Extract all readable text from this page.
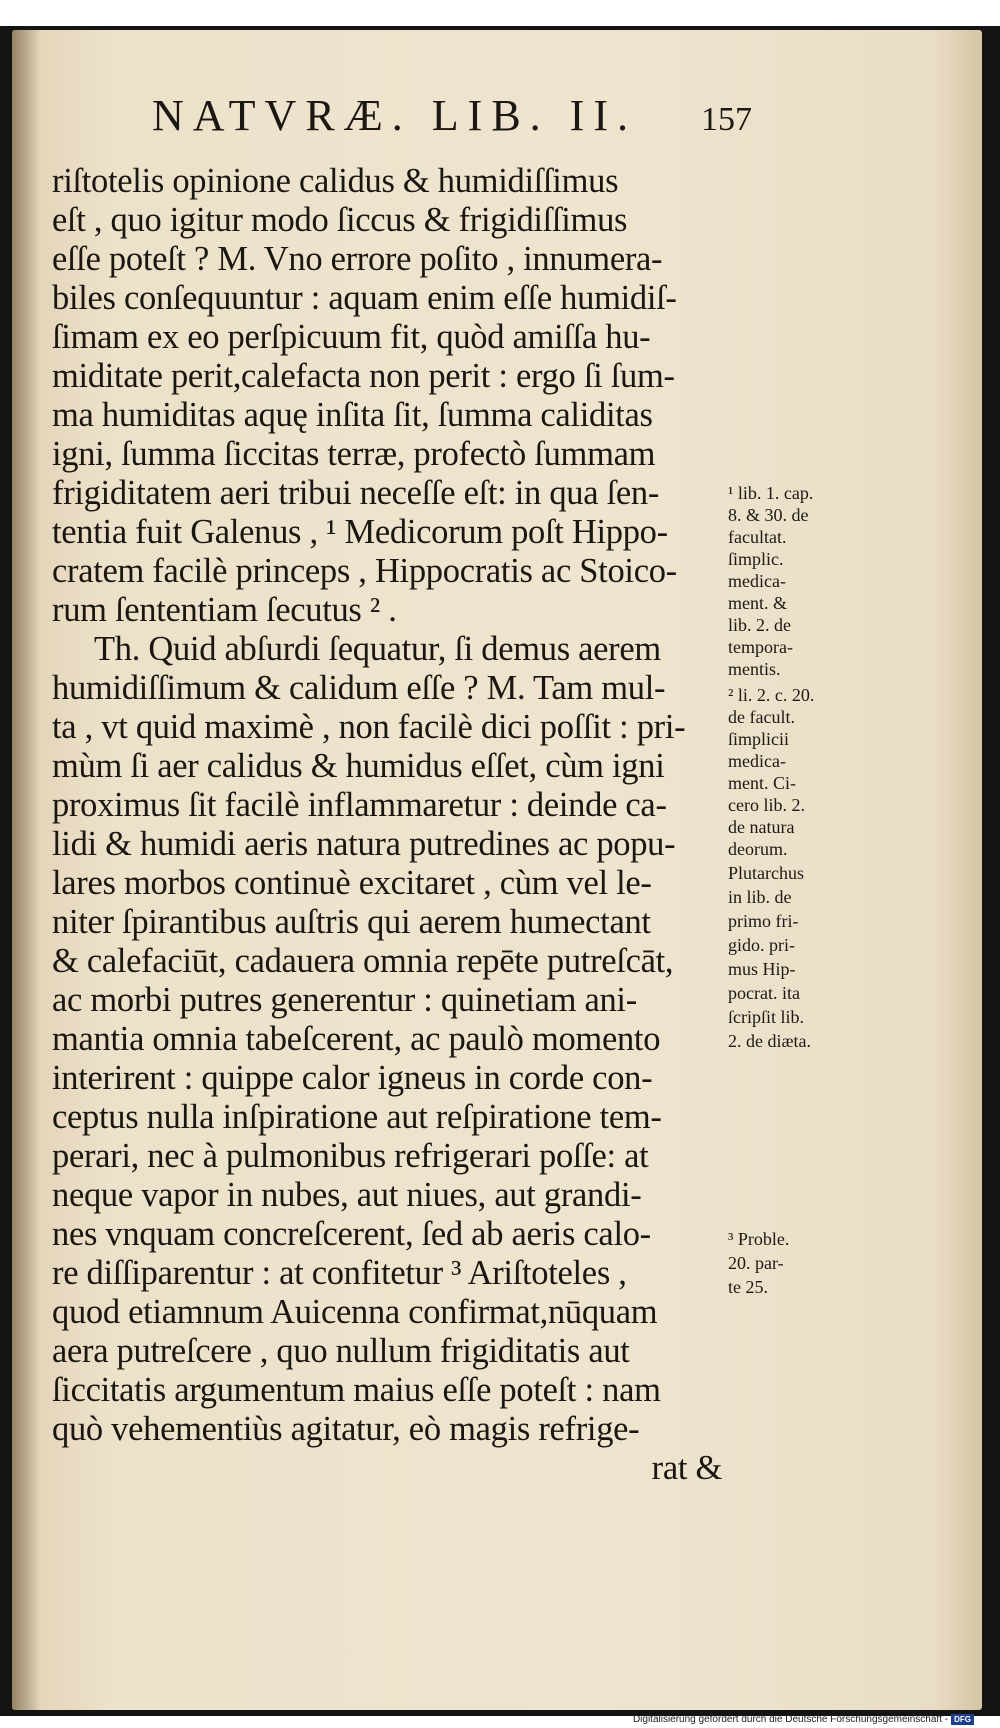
NATVRÆ. LIB. II. 157
riſtotelis opinione calidus & humidiſſimus
eſt , quo igitur modo ſiccus & frigidiſſimus
eſſe poteſt ? M. Vno errore poſito , innumera-
biles conſequuntur : aquam enim eſſe humidiſ-
ſimam ex eo perſpicuum fit, quòd amiſſa hu-
miditate perit,calefacta non perit : ergo ſi ſum-
ma humiditas aquę inſita ſit, ſumma caliditas
igni, ſumma ſiccitas terræ, profectò ſummam
frigiditatem aeri tribui neceſſe eſt: in qua ſen-
tentia fuit Galenus , ¹ Medicorum poſt Hippo-
cratem facilè princeps , Hippocratis ac Stoico-
rum ſententiam ſecutus ² .
Th. Quid abſurdi ſequatur, ſi demus aerem
humidiſſimum & calidum eſſe ? M. Tam mul-
ta , vt quid maximè , non facilè dici poſſit : pri-
mùm ſi aer calidus & humidus eſſet, cùm igni
proximus ſit facilè inflammaretur : deinde ca-
lidi & humidi aeris natura putredines ac popu-
lares morbos continuè excitaret , cùm vel le-
niter ſpirantibus auſtris qui aerem humectant
& calefaciūt, cadauera omnia repēte putreſcāt,
ac morbi putres generentur : quinetiam ani-
mantia omnia tabeſcerent, ac paulò momento
interirent : quippe calor igneus in corde con-
ceptus nulla inſpiratione aut reſpiratione tem-
perari, nec à pulmonibus refrigerari poſſe: at
neque vapor in nubes, aut niues, aut grandi-
nes vnquam concreſcerent, ſed ab aeris calo-
re diſſiparentur : at confitetur ³ Ariſtoteles ,
quod etiamnum Auicenna confirmat,nūquam
aera putreſcere , quo nullum frigiditatis aut
ſiccitatis argumentum maius eſſe poteſt : nam
quò vehementiùs agitatur, eò magis refrige-
rat &
¹ lib. 1. cap.
8. & 30. de
facultat.
ſimplic.
medica-
ment. &
lib. 2. de
tempora-
mentis.
² li. 2. c. 20.
de facult.
ſimplicii
medica-
ment. Ci-
cero lib. 2.
de natura
deorum.
Plutarchus
in lib. de
primo fri-
gido. pri-
mus Hip-
pocrat. ita
ſcripſit lib.
2. de diæta.
³ Proble.
20. par-
te 25.
Digitalisierung gefördert durch die Deutsche Forschungsgemeinschaft - DFG
